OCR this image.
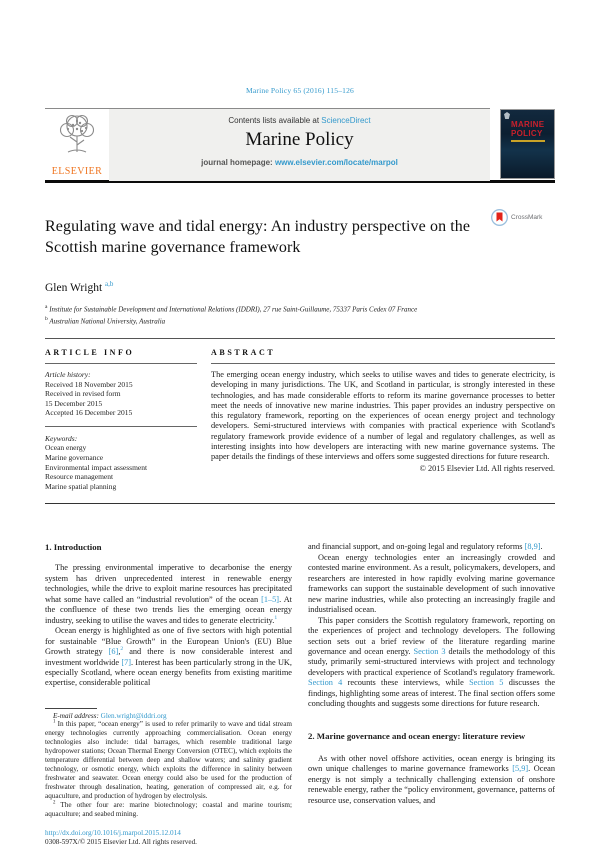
Marine Policy 65 (2016) 115–126
ELSEVIER
Contents lists available at ScienceDirect
Marine Policy
journal homepage: www.elsevier.com/locate/marpol
MARINE
POLICY
Regulating wave and tidal energy: An industry perspective on the Scottish marine governance framework
CrossMark
Glen Wright $^{a,b}$
$^a$ Institute for Sustainable Development and International Relations (IDDRI), 27 rue Saint-Guillaume, 75337 Paris Cedex 07 France
$^b$ Australian National University, Australia
ARTICLE INFO
Article history:
Received 18 November 2015
Received in revised form
15 December 2015
Accepted 16 December 2015
Keywords:
Ocean energy
Marine governance
Environmental impact assessment
Resource management
Marine spatial planning
ABSTRACT
The emerging ocean energy industry, which seeks to utilise waves and tides to generate electricity, is developing in many jurisdictions. The UK, and Scotland in particular, is strongly interested in these technologies, and has made considerable efforts to reform its marine governance processes to better meet the needs of innovative new marine industries. This paper provides an industry perspective on this regulatory framework, reporting on the experiences of ocean energy project and technology developers. Semi-structured interviews with companies with practical experience with Scotland's regulatory framework provide evidence of a number of legal and regulatory challenges, as well as interesting insights into how developers are interacting with new marine governance systems. The paper details the findings of these interviews and offers some suggested directions for future research.
© 2015 Elsevier Ltd. All rights reserved.
1. Introduction

The pressing environmental imperative to decarbonise the energy system has driven unprecedented interest in renewable energy technologies, while the drive to exploit marine resources has precipitated what some have called an “industrial revolution” of the ocean [1–5]. At the confluence of these two trends lies the emerging ocean energy industry, seeking to utilise the waves and tides to generate electricity.$^1$

Ocean energy is highlighted as one of five sectors with high potential for sustainable “Blue Growth” in the European Union's (EU) Blue Growth strategy [6],$^2$ and there is now considerable interest and investment worldwide [7]. Interest has been particularly strong in the UK, especially Scotland, where ocean energy benefits from existing maritime expertise, considerable political

E-mail address: Glen.wright@iddri.org

$^1$ In this paper, “ocean energy” is used to refer primarily to wave and tidal stream energy technologies currently approaching commercialisation. Ocean energy technologies also include: tidal barrages, which resemble traditional large hydropower stations; Ocean Thermal Energy Conversion (OTEC), which exploits the temperature differential between deep and shallow waters; and salinity gradient technology, or osmotic energy, which exploits the difference in salinity between freshwater and seawater. Ocean energy could also be used for the production of freshwater through desalination, heating, generation of compressed air, e.g. for aquaculture, and production of hydrogen by electrolysis.

$^2$ The other four are: marine biotechnology; coastal and marine tourism; aquaculture; and seabed mining.

http://dx.doi.org/10.1016/j.marpol.2015.12.014
0308-597X/© 2015 Elsevier Ltd. All rights reserved.

and financial support, and on-going legal and regulatory reforms [8,9].

Ocean energy technologies enter an increasingly crowded and contested marine environment. As a result, policymakers, developers, and researchers are interested in how rapidly evolving marine governance frameworks can support the sustainable development of such innovative new marine industries, while also protecting an increasingly fragile and industrialised ocean.

This paper considers the Scottish regulatory framework, reporting on the experiences of project and technology developers. The following section sets out a brief review of the literature regarding marine governance and ocean energy. Section 3 details the methodology of this study, primarily semi-structured interviews with project and technology developers with practical experience of Scotland's regulatory framework. Section 4 recounts these interviews, while Section 5 discusses the findings, highlighting some areas of interest. The final section offers some concluding thoughts and suggests some directions for future research.

2. Marine governance and ocean energy: literature review

As with other novel offshore activities, ocean energy is bringing its own unique challenges to marine governance frameworks [5,9]. Ocean energy is not simply a technically challenging extension of onshore renewable energy, rather the “policy environment, governance, patterns of resource use, conservation values, and
